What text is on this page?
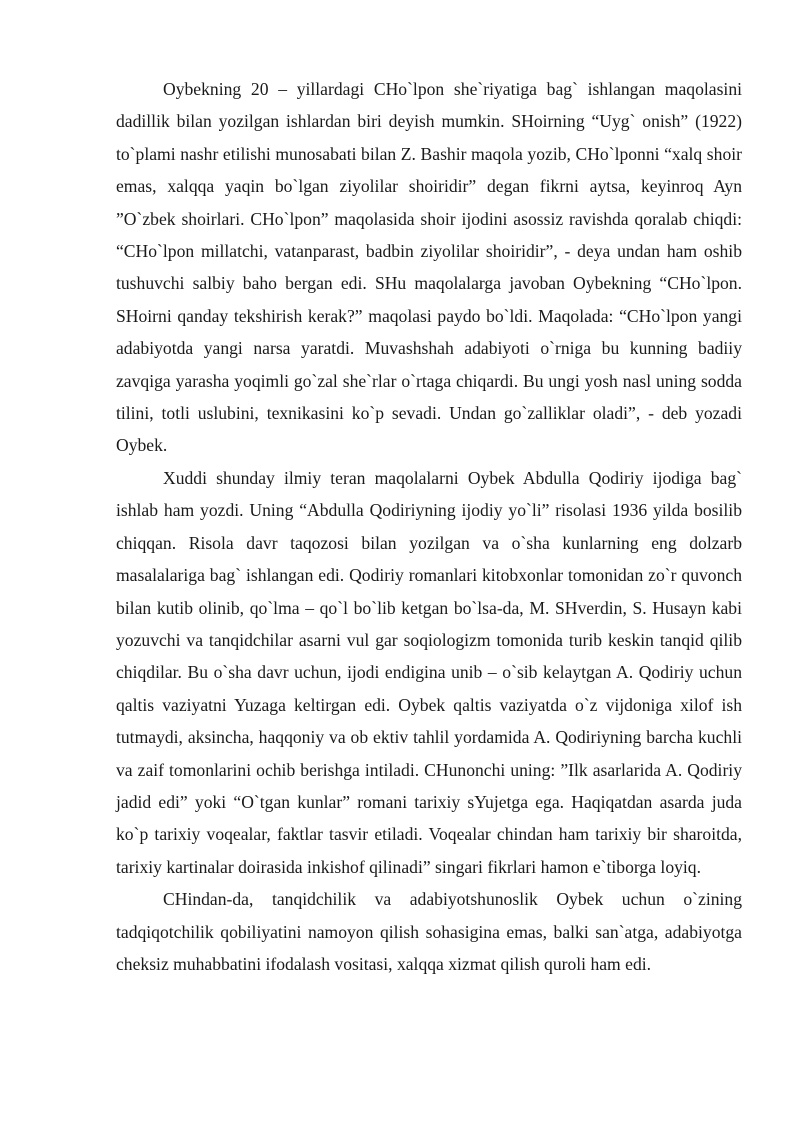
Oybekning 20 – yillardagi CHo`lpon she`riyatiga bag` ishlangan maqolasini dadillik bilan yozilgan ishlardan biri deyish mumkin. SHoirning “Uyg` onish” (1922) to`plami nashr etilishi munosabati bilan Z. Bashir maqola yozib, CHo`lponni “xalq shoir emas, xalqqa yaqin bo`lgan ziyolilar shoiridir” degan fikrni aytsa, keyinroq Ayn ”O`zbek shoirlari. CHo`lpon” maqolasida shoir ijodini asossiz ravishda qoralab chiqdi: “CHo`lpon millatchi, vatanparast, badbin ziyolilar shoiridir”, - deya undan ham oshib tushuvchi salbiy baho bergan edi. SHu maqolalarga javoban Oybekning “CHo`lpon. SHoirni qanday tekshirish kerak?” maqolasi paydo bo`ldi. Maqolada: “CHo`lpon yangi adabiyotda yangi narsa yaratdi. Muvashshah adabiyoti o`rniga bu kunning badiiy zavqiga yarasha yoqimli go`zal she`rlar o`rtaga chiqardi. Bu ungi yosh nasl uning sodda tilini, totli uslubini, texnikasini ko`p sevadi. Undan go`zalliklar oladi”, - deb yozadi Oybek.

Xuddi shunday ilmiy teran maqolalarni Oybek Abdulla Qodiriy ijodiga bag` ishlab ham yozdi. Uning “Abdulla Qodiriyning ijodiy yo`li” risolasi 1936 yilda bosilib chiqqan. Risola davr taqozosi bilan yozilgan va o`sha kunlarning eng dolzarb masalalariga bag` ishlangan edi. Qodiriy romanlari kitobxonlar tomonidan zo`r quvonch bilan kutib olinib, qo`lma – qo`l bo`lib ketgan bo`lsa-da, M. SHverdin, S. Husayn kabi yozuvchi va tanqidchilar asarni vul gar soqiologizm tomonida turib keskin tanqid qilib chiqdilar. Bu o`sha davr uchun, ijodi endigina unib – o`sib kelaytgan A. Qodiriy uchun qaltis vaziyatni Yuzaga keltirgan edi. Oybek qaltis vaziyatda o`z vijdoniga xilof ish tutmaydi, aksincha, haqqoniy va ob ektiv tahlil yordamida A. Qodiriyning barcha kuchli va zaif tomonlarini ochib berishga intiladi. CHunonchi uning: ”Ilk asarlarida A. Qodiriy jadid edi” yoki “O`tgan kunlar” romani tarixiy sYujetga ega. Haqiqatdan asarda juda ko`p tarixiy voqealar, faktlar tasvir etiladi. Voqealar chindan ham tarixiy bir sharoitda, tarixiy kartinalar doirasida inkishof qilinadi” singari fikrlari hamon e`tiborga loyiq.

CHindan-da, tanqidchilik va adabiyotshunoslik Oybek uchun o`zining tadqiqotchilik qobiliyatini namoyon qilish sohasigina emas, balki san`atga, adabiyotga cheksiz muhabbatini ifodalash vositasi, xalqqa xizmat qilish quroli ham edi.
